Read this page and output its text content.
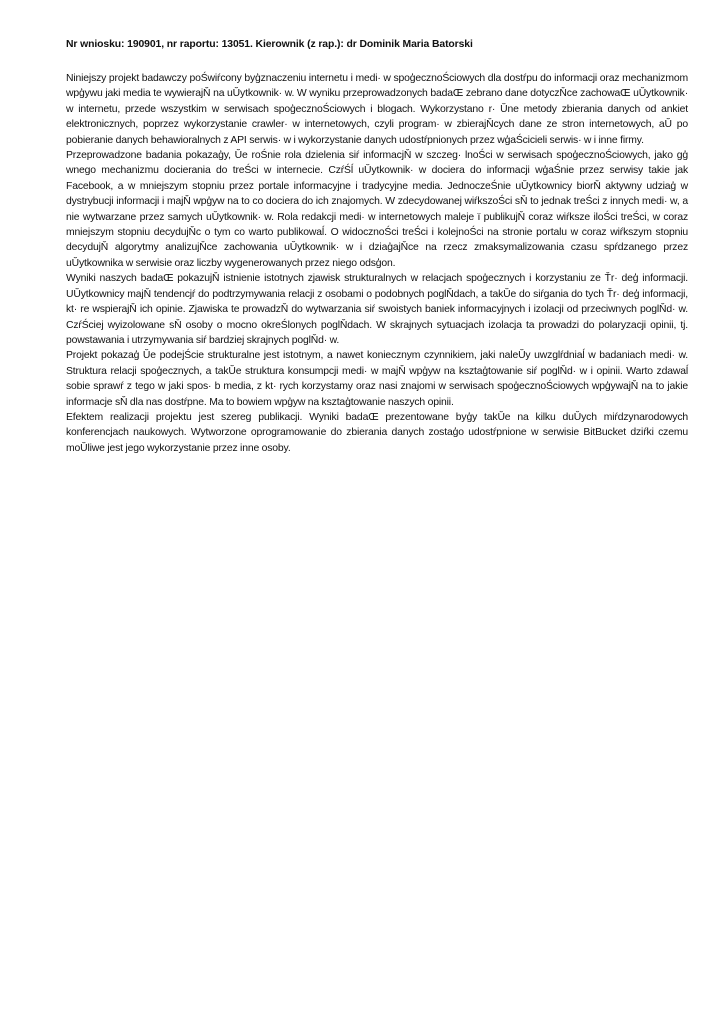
Nr wniosku: 190901, nr raportu: 13051. Kierownik (z rap.): dr Dominik Maria Batorski

Niniejszy projekt badawczy poŚwiŕcony byģznaczeniu internetu i medi· w spoģecznoŚciowych dla dostŕpu do informacji oraz mechanizmom wpģywu jaki media te wywierajŇ na uŬytkownik· w. W wyniku przeprowadzonych badaŒ zebrano dane dotyczŇce zachowaŒ uŬytkownik· w internetu, przede wszystkim w serwisach spoģecznoŚciowych i blogach. Wykorzystano r· Ŭne metody zbierania danych od ankiet elektronicznych, poprzez wykorzystanie crawler· w internetowych, czyli program· w zbierajŇcych dane ze stron internetowych, aŬ po pobieranie danych behawioralnych z API serwis· w i wykorzystanie danych udostŕpnionych przez wģaŚcicieli serwis· w i inne firmy.

Przeprowadzone badania pokazaģy, Ŭe roŚnie rola dzielenia siŕ informacjŇ w szczeg· lnoŚci w serwisach spoģecznoŚciowych, jako gģ wnego mechanizmu docierania do treŚci w internecie. CzŕŚĺ uŬytkownik· w dociera do informacji wģaŚnie przez serwisy takie jak Facebook, a w mniejszym stopniu przez portale informacyjne i tradycyjne media. JednoczeŚnie uŬytkownicy biorŇ aktywny udziaģ w dystrybucji informacji i majŇ wpģyw na to co dociera do ich znajomych. W zdecydowanej wiŕkszoŚci sŇ to jednak treŚci z innych medi· w, a nie wytwarzane przez samych uŬytkownik· w. Rola redakcji medi· w internetowych maleje ï publikujŇ coraz wiŕksze iloŚci treŚci, w coraz mniejszym stopniu decydujŇc o tym co warto publikowaĺ. O widocznoŚci treŚci i kolejnoŚci na stronie portalu w coraz wiŕkszym stopniu decydujŇ algorytmy analizujŇce zachowania uŬytkownik· w i dziaģajŇce na rzecz zmaksymalizowania czasu spŕdzanego przez uŬytkownika w serwisie oraz liczby wygenerowanych przez niego odsģon.

Wyniki naszych badaŒ pokazujŇ istnienie istotnych zjawisk strukturalnych w relacjach spoģecznych i korzystaniu ze Ťr· deģ informacji. UŬytkownicy majŇ tendencjŕ do podtrzymywania relacji z osobami o podobnych poglŇdach, a takŬe do siŕgania do tych Ťr· deģ informacji, kt· re wspierajŇ ich opinie. Zjawiska te prowadzŇ do wytwarzania siŕ swoistych baniek informacyjnych i izolacji od przeciwnych poglŇd· w. CzŕŚciej wyizolowane sŇ osoby o mocno okreŚlonych poglŇdach. W skrajnych sytuacjach izolacja ta prowadzi do polaryzacji opinii, tj. powstawania i utrzymywania siŕ bardziej skrajnych poglŇd· w.

Projekt pokazaģ Ŭe podejŚcie strukturalne jest istotnym, a nawet koniecznym czynnikiem, jaki naleŬy uwzglŕdniaĺ w badaniach medi· w. Struktura relacji spoģecznych, a takŬe struktura konsumpcji medi· w majŇ wpģyw na ksztaģtowanie siŕ poglŇd· w i opinii. Warto zdawaĺ sobie sprawŕ z tego w jaki spos· b media, z kt· rych korzystamy oraz nasi znajomi w serwisach spoģecznoŚciowych wpģywajŇ na to jakie informacje sŇ dla nas dostŕpne. Ma to bowiem wpģyw na ksztaģtowanie naszych opinii.

Efektem realizacji projektu jest szereg publikacji. Wyniki badaŒ prezentowane byģy takŬe na kilku duŬych miŕdzynarodowych konferencjach naukowych. Wytworzone oprogramowanie do zbierania danych zostaģo udostŕpnione w serwisie BitBucket dziŕki czemu moŬliwe jest jego wykorzystanie przez inne osoby.
